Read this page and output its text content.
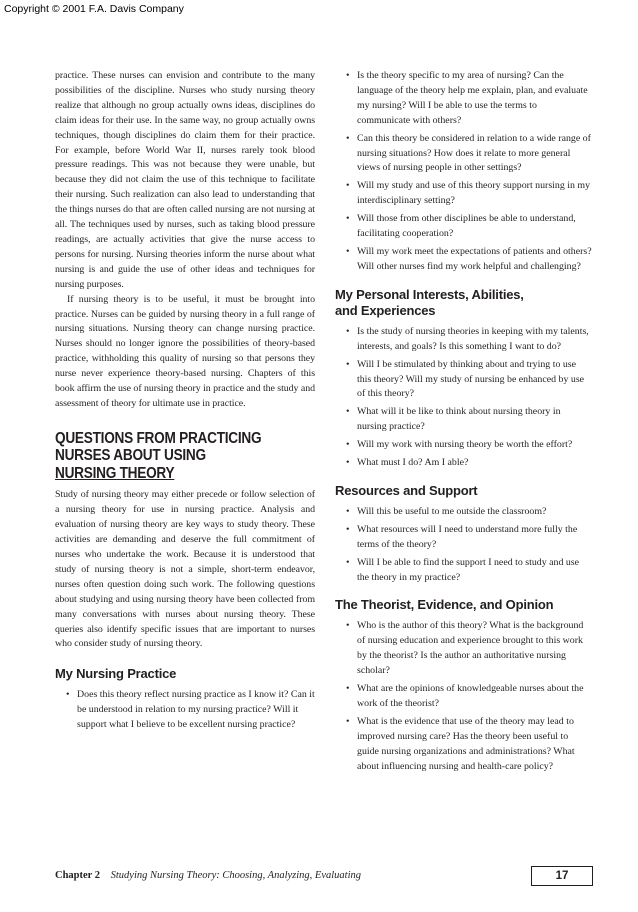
Copyright © 2001 F.A. Davis Company

practice. These nurses can envision and contribute to the many possibilities of the discipline. Nurses who study nursing theory realize that although no group actually owns ideas, disciplines do claim ideas for their use. In the same way, no group actually owns techniques, though disciplines do claim them for their practice. For example, before World War II, nurses rarely took blood pressure readings. This was not because they were unable, but because they did not claim the use of this technique to facilitate their nursing. Such realization can also lead to understanding that the things nurses do that are often called nursing are not nursing at all. The techniques used by nurses, such as taking blood pressure readings, are actually activities that give the nurse access to persons for nursing. Nursing theories inform the nurse about what nursing is and guide the use of other ideas and techniques for nursing purposes.

If nursing theory is to be useful, it must be brought into practice. Nurses can be guided by nursing theory in a full range of nursing situations. Nursing theory can change nursing practice. Nurses should no longer ignore the possibilities of theory-based practice, withholding this quality of nursing so that persons they nurse never experience theory-based nursing. Chapters of this book affirm the use of nursing theory in practice and the study and assessment of theory for ultimate use in practice.

QUESTIONS FROM PRACTICING
NURSES ABOUT USING
NURSING THEORY

Study of nursing theory may either precede or follow selection of a nursing theory for use in nursing practice. Analysis and evaluation of nursing theory are key ways to study theory. These activities are demanding and deserve the full commitment of nurses who undertake the work. Because it is understood that study of nursing theory is not a simple, short-term endeavor, nurses often question doing such work. The following questions about studying and using nursing theory have been collected from many conversations with nurses about nursing theory. These queries also identify specific issues that are important to nurses who consider study of nursing theory.

My Nursing Practice
• Does this theory reflect nursing practice as I know it? Can it be understood in relation to my nursing practice? Will it support what I believe to be excellent nursing practice?
• Is the theory specific to my area of nursing? Can the language of the theory help me explain, plan, and evaluate my nursing? Will I be able to use the terms to communicate with others?
• Can this theory be considered in relation to a wide range of nursing situations? How does it relate to more general views of nursing people in other settings?
• Will my study and use of this theory support nursing in my interdisciplinary setting?
• Will those from other disciplines be able to understand, facilitating cooperation?
• Will my work meet the expectations of patients and others? Will other nurses find my work helpful and challenging?
My Personal Interests, Abilities,
and Experiences
• Is the study of nursing theories in keeping with my talents, interests, and goals? Is this something I want to do?
• Will I be stimulated by thinking about and trying to use this theory? Will my study of nursing be enhanced by use of this theory?
• What will it be like to think about nursing theory in nursing practice?
• Will my work with nursing theory be worth the effort?
• What must I do? Am I able?
Resources and Support
• Will this be useful to me outside the classroom?
• What resources will I need to understand more fully the terms of the theory?
• Will I be able to find the support I need to study and use the theory in my practice?
The Theorist, Evidence, and Opinion
• Who is the author of this theory? What is the background of nursing education and experience brought to this work by the theorist? Is the author an authoritative nursing scholar?
• What are the opinions of knowledgeable nurses about the work of the theorist?
• What is the evidence that use of the theory may lead to improved nursing care? Has the theory been useful to guide nursing organizations and administrations? What about influencing nursing and health-care policy?
Chapter 2 Studying Nursing Theory: Choosing, Analyzing, Evaluating	17
